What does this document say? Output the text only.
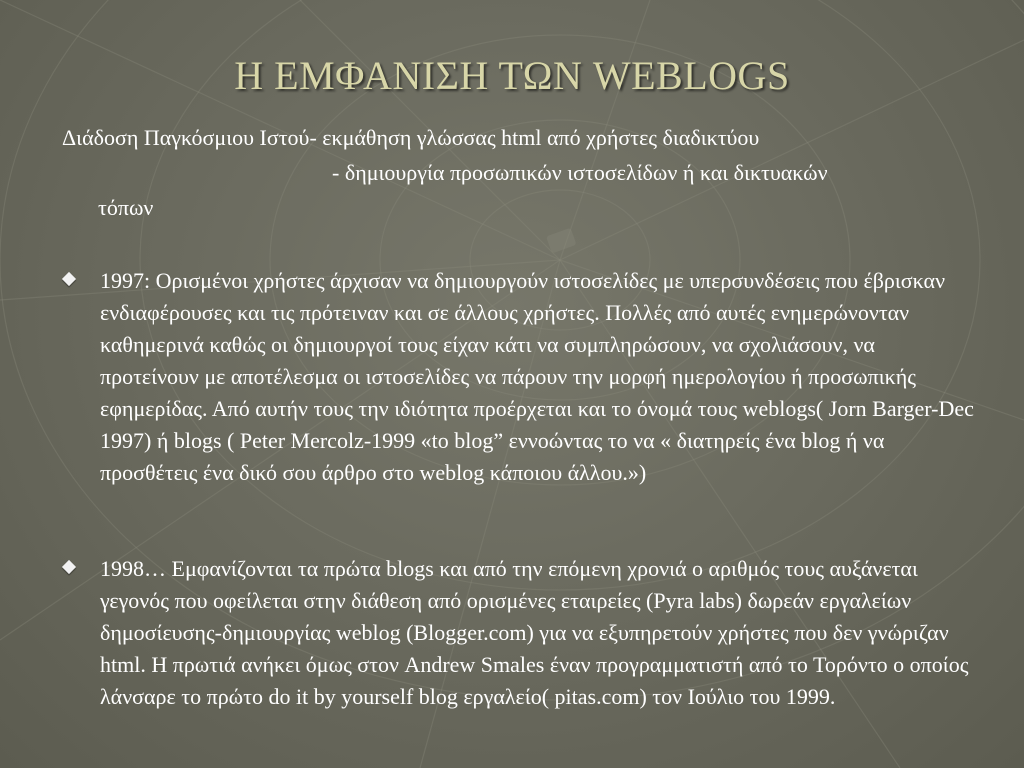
Η ΕΜΦΑΝΙΣΗ ΤΩΝ WEBLOGS
Διάδοση Παγκόσμιου Ιστού- εκμάθηση γλώσσας html από χρήστες διαδικτύου
- δημιουργία προσωπικών ιστοσελίδων ή και δικτυακών
τόπων
1997: Ορισμένοι χρήστες άρχισαν να δημιουργούν ιστοσελίδες με υπερσυνδέσεις που έβρισκαν ενδιαφέρουσες και τις πρότειναν και σε άλλους χρήστες. Πολλές από αυτές ενημερώνονταν καθημερινά καθώς οι δημιουργοί τους είχαν κάτι να συμπληρώσουν, να σχολιάσουν, να προτείνουν με αποτέλεσμα οι ιστοσελίδες να πάρουν την μορφή ημερολογίου ή προσωπικής εφημερίδας. Από αυτήν τους την ιδιότητα προέρχεται και το όνομά τους weblogs( Jorn Barger-Dec 1997) ή blogs ( Peter Mercolz-1999 «to blog” εννοώντας το να « διατηρείς ένα blog ή να προσθέτεις ένα δικό σου άρθρο στο weblog κάποιου άλλου.»)
1998… Εμφανίζονται τα πρώτα blogs και από την επόμενη χρονιά ο αριθμός τους αυξάνεται γεγονός που οφείλεται στην διάθεση από ορισμένες εταιρείες (Pyra labs) δωρεάν εργαλείων δημοσίευσης-δημιουργίας weblog (Blogger.com) για να εξυπηρετούν χρήστες που δεν γνώριζαν html. Η πρωτιά ανήκει όμως στον Andrew Smales έναν προγραμματιστή από το Τορόντο ο οποίος λάνσαρε το πρώτο do it by yourself blog εργαλείο( pitas.com) τον Ιούλιο του 1999.
